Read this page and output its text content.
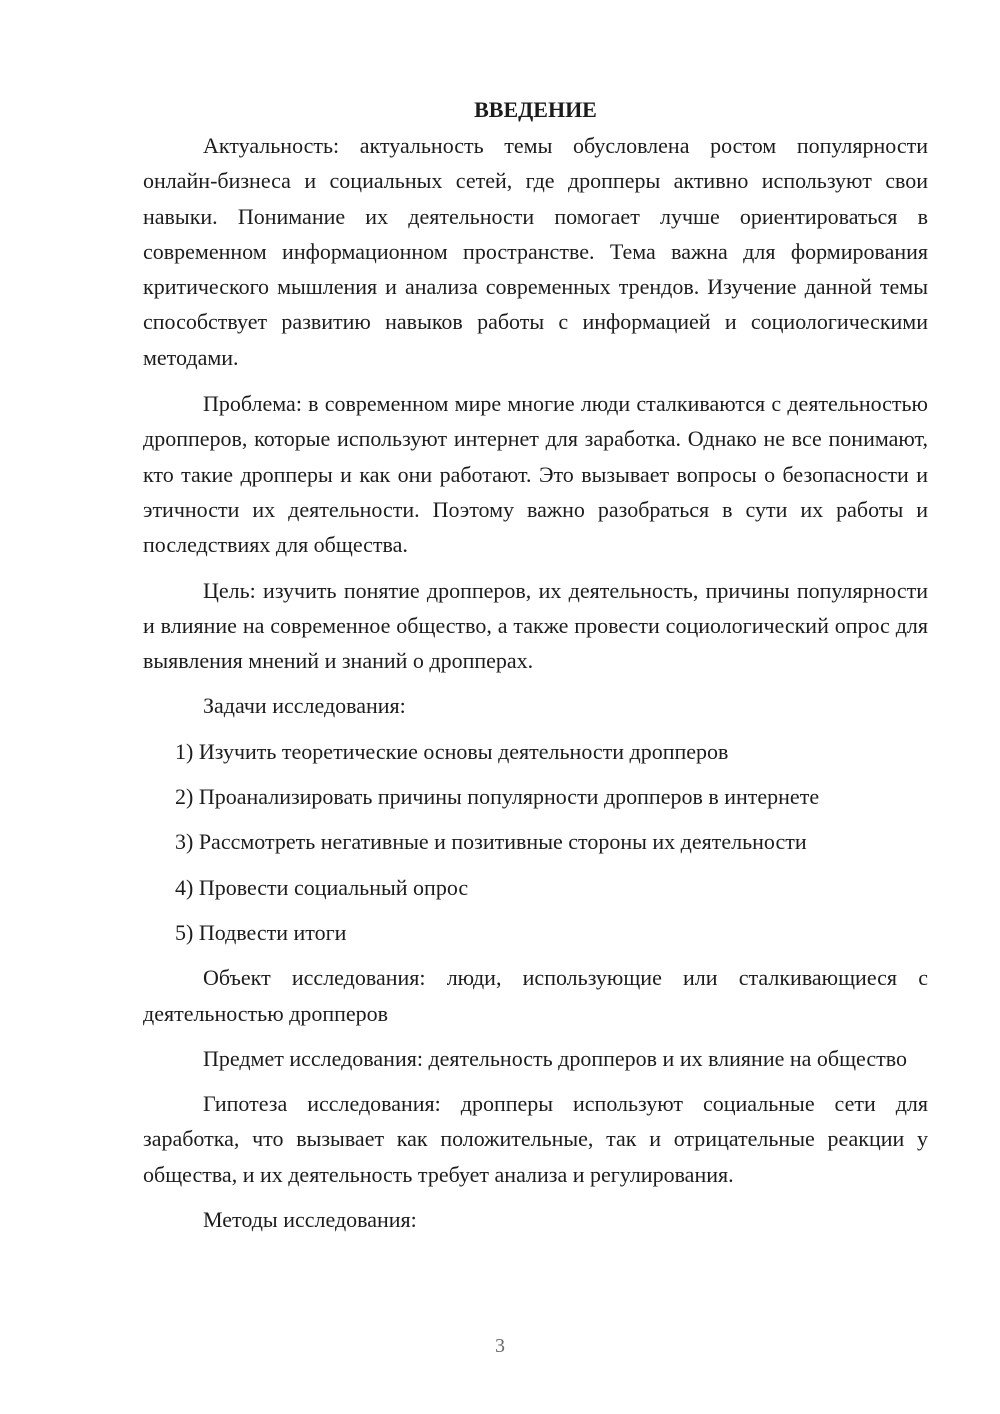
ВВЕДЕНИЕ

Актуальность: актуальность темы обусловлена ростом популярности онлайн-бизнеса и социальных сетей, где дропперы активно используют свои навыки. Понимание их деятельности помогает лучше ориентироваться в современном информационном пространстве. Тема важна для формирования критического мышления и анализа современных трендов. Изучение данной темы способствует развитию навыков работы с информацией и социологическими методами.

Проблема: в современном мире многие люди сталкиваются с деятельностью дропперов, которые используют интернет для заработка. Однако не все понимают, кто такие дропперы и как они работают. Это вызывает вопросы о безопасности и этичности их деятельности. Поэтому важно разобраться в сути их работы и последствиях для общества.

Цель: изучить понятие дропперов, их деятельность, причины популярности и влияние на современное общество, а также провести социологический опрос для выявления мнений и знаний о дропперах.

Задачи исследования:

1) Изучить теоретические основы деятельности дропперов
2) Проанализировать причины популярности дропперов в интернете
3) Рассмотреть негативные и позитивные стороны их деятельности
4) Провести социальный опрос
5) Подвести итоги

Объект исследования: люди, использующие или сталкивающиеся с деятельностью дропперов

Предмет исследования: деятельность дропперов и их влияние на общество

Гипотеза исследования: дропперы используют социальные сети для заработка, что вызывает как положительные, так и отрицательные реакции у общества, и их деятельность требует анализа и регулирования.

Методы исследования:

3
